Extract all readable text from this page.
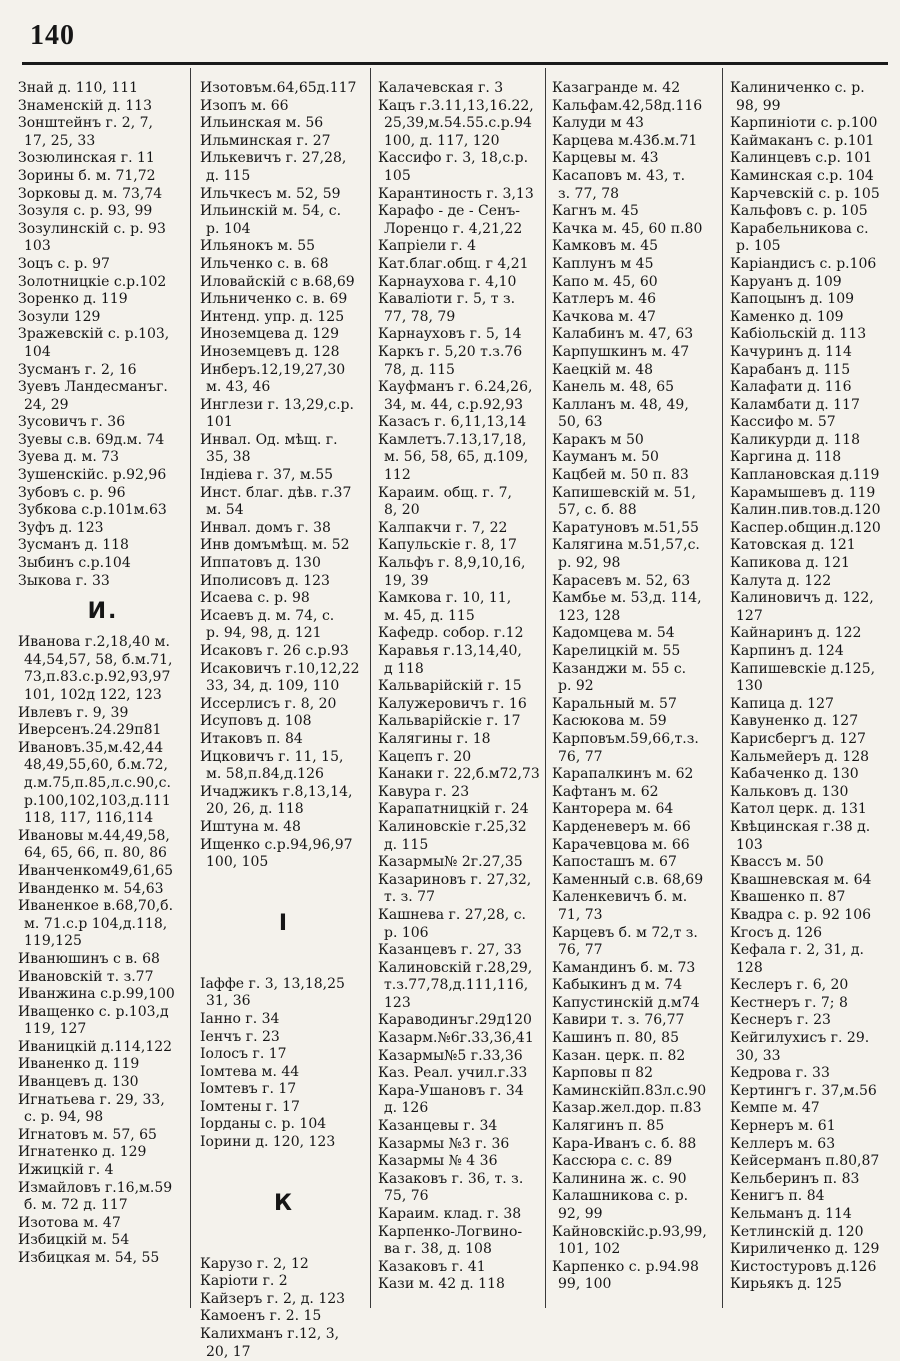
140
Знай д. 110, 111
Знаменскій д. 113
Зонштейнъ г. 2, 7,
17, 25, 33
Зозюлинская г. 11
Зорины б. м. 71,72
Зорковы д. м. 73,74
Зозуля с. р. 93, 99
Зозулинскій с. р. 93
103
Зоцъ с. р. 97
Золотницкіе с.р.102
Зоренко д. 119
Зозули 129
Зражевскій с. р.103,
104
Зусманъ г. 2, 16
Зуевъ Ландесманъг.
24, 29
Зусовичъ г. 36
Зуевы с.в. 69д.м. 74
Зуева д. м. 73
Зушенскійс. р.92,96
Зубовъ с. р. 96
Зубкова с.р.101м.63
Зуфъ д. 123
Зусманъ д. 118
Зыбинъ с.р.104
Зыкова г. 33
И.
Иванова г.2,18,40 м.
44,54,57, 58, б.м.71,
73,п.83.с.р.92,93,97
101, 102д 122, 123
Ивлевъ г. 9, 39
Иверсенъ.24.29п81
Ивановъ.35,м.42,44
48,49,55,60, б.м.72,
д.м.75,п.85,л.с.90,с.
р.100,102,103,д.111
118, 117, 116,114
Ивановы м.44,49,58,
64, 65, 66, п. 80, 86
Иванченком49,61,65
Иванденко м. 54,63
Иваненкое в.68,70,б.
м. 71.с.р 104,д.118,
119,125
Иванюшинъ с в. 68
Ивановскій т. з.77
Иванжина с.р.99,100
Иващенко с. р.103,д
119, 127
Иваницкій д.114,122
Иваненко д. 119
Иванцевъ д. 130
Игнатьева г. 29, 33,
с. р. 94, 98
Игнатовъ м. 57, 65
Игнатенко д. 129
Ижицкій г. 4
Измайловъ г.16,м.59
б. м. 72 д. 117
Изотова м. 47
Избицкій м. 54
Избицкая м. 54, 55
Изотовъм.64,65д.117
Изопъ м. 66
Ильинская м. 56
Ильминская г. 27
Илькевичъ г. 27,28,
д. 115
Ильчкесъ м. 52, 59
Ильинскій м. 54, с.
р. 104
Ильянокъ м. 55
Ильченко с. в. 68
Иловайскій с в.68,69
Ильниченко с. в. 69
Интенд. упр. д. 125
Иноземцева д. 129
Иноземцевъ д. 128
Инберъ.12,19,27,30
м. 43, 46
Инглези г. 13,29,с.р.
101
Инвал. Од. мѣщ. г.
35, 38
Індіева г. 37, м.55
Инст. благ. дѣв. г.37
м. 54
Инвал. домъ г. 38
Инв домъмѣщ. м. 52
Иппатовъ д. 130
Иполисовъ д. 123
Исаева с. р. 98
Исаевъ д. м. 74, с.
р. 94, 98, д. 121
Исаковъ г. 26 с.р.93
Исаковичъ г.10,12,22
33, 34, д. 109, 110
Иссерлисъ г. 8, 20
Исуповъ д. 108
Итаковъ п. 84
Ицковичъ г. 11, 15,
м. 58,п.84,д.126
Ичаджикъ г.8,13,14,
20, 26, д. 118
Иштуна м. 48
Ищенко с.р.94,96,97
100, 105
І
Іаффе г. 3, 13,18,25
31, 36
Іанно г. 34
Іенчъ г. 23
Іолосъ г. 17
Іомтева м. 44
Іомтевъ г. 17
Іомтены г. 17
Іорданы с. р. 104
Іорини д. 120, 123
К
Карузо г. 2, 12
Каріоти г. 2
Кайзеръ г. 2, д. 123
Камоенъ г. 2. 15
Калихманъ г.12, 3,
20, 17
Калачевская г. 3
Кацъ г.3.11,13,16.22,
25,39,м.54.55.с.р.94
100, д. 117, 120
Кассифо г. 3, 18,с.р.
105
Карантиность г. 3,13
Карафо - де - Сенъ-
Лоренцо г. 4,21,22
Капріели г. 4
Кат.благ.общ. г 4,21
Карнаухова г. 4,10
Кавалiоти г. 5, т з.
77, 78, 79
Карнауховъ г. 5, 14
Каркъ г. 5,20 т.з.76
78, д. 115
Кауфманъ г. 6.24,26,
34, м. 44, с.р.92,93
Казасъ г. 6,11,13,14
Камлетъ.7.13,17,18,
м. 56, 58, 65, д.109,
112
Караим. общ. г. 7,
8, 20
Калпакчи г. 7, 22
Капульскіе г. 8, 17
Кальфъ г. 8,9,10,16,
19, 39
Камкова г. 10, 11,
м. 45, д. 115
Кафедр. собор. г.12
Каравья г.13,14,40,
д 118
Кальварійскій г. 15
Калужеровичъ г. 16
Кальварійскіе г. 17
Калягины г. 18
Кацепъ г. 20
Канаки г. 22,б.м72,73
Кавура г. 23
Карапатницкій г. 24
Калиновскіе г.25,32
д. 115
Казармы№ 2г.27,35
Казариновъ г. 27,32,
т. з. 77
Кашнева г. 27,28, с.
р. 106
Казанцевъ г. 27, 33
Калиновскій г.28,29,
т.з.77,78,д.111,116,
123
Караводинъг.29д120
Казарм.№6г.33,36,41
Казармы№5 г.33,36
Каз. Реал. учил.г.33
Кара-Ушановъ г. 34
д. 126
Казанцевы г. 34
Казармы №3 г. 36
Казармы № 4 36
Казаковъ г. 36, т. з.
75, 76
Караим. клад. г. 38
Карпенко-Логвино-
ва г. 38, д. 108
Казаковъ г. 41
Кази м. 42 д. 118
Казагранде м. 42
Кальфам.42,58д.116
Калуди м 43
Карцева м.43б.м.71
Карцевы м. 43
Касаповъ м. 43, т.
з. 77, 78
Кагнъ м. 45
Качка м. 45, 60 п.80
Камковъ м. 45
Каплунъ м 45
Капо м. 45, 60
Катлеръ м. 46
Качкова м. 47
Калабинъ м. 47, 63
Карпушкинъ м. 47
Каецкій м. 48
Канель м. 48, 65
Калланъ м. 48, 49,
50, 63
Каракъ м 50
Кауманъ м. 50
Кацбей м. 50 п. 83
Капишевскій м. 51,
57, с. б. 88
Каратуновъ м.51,55
Калягина м.51,57,с.
р. 92, 98
Карасевъ м. 52, 63
Камбье м. 53,д. 114,
123, 128
Кадомцева м. 54
Карелицкій м. 55
Казанджи м. 55 с.
р. 92
Каральный м. 57
Касюкова м. 59
Карповъм.59,66,т.з.
76, 77
Карапалкинъ м. 62
Кафтанъ м. 62
Канторера м. 64
Карденеверъ м. 66
Карачевцова м. 66
Капосташъ м. 67
Каменный с.в. 68,69
Каленкевичъ б. м.
71, 73
Карцевъ б. м 72,т з.
76, 77
Камандинъ б. м. 73
Кабыкинъ д м. 74
Капустинскій д.м74
Кавири т. з. 76,77
Кашинъ п. 80, 85
Казан. церк. п. 82
Карповы п 82
Каминскійп.83л.с.90
Казар.жел.дор. п.83
Калягинъ п. 85
Кара-Иванъ с. б. 88
Кассюра с. с. 89
Калинина ж. с. 90
Калашникова с. р.
92, 99
Кайновскійс.р.93,99,
101, 102
Карпенко с. р.94.98
99, 100
Калиниченко с. р.
98, 99
Карпиніоти с. р.100
Каймаканъ с. р.101
Калинцевъ с.р. 101
Каминская с.р. 104
Карчевскій с. р. 105
Кальфовъ с. р. 105
Карабельникова с.
р. 105
Каріандисъ с. р.106
Каруанъ д. 109
Капоцынъ д. 109
Каменко д. 109
Кабіольскій д. 113
Качуринъ д. 114
Карабанъ д. 115
Калафати д. 116
Каламбати д. 117
Кассифо м. 57
Каликурди д. 118
Каргина д. 118
Каплановская д.119
Карамышевъ д. 119
Калин.пив.тов.д.120
Каспер.общин.д.120
Катовская д. 121
Капикова д. 121
Калута д. 122
Калиновичъ д. 122,
127
Кайнаринъ д. 122
Карпинъ д. 124
Капишевскіе д.125,
130
Капица д. 127
Кавуненко д. 127
Карисбергъ д. 127
Кальмейеръ д. 128
Кабаченко д. 130
Кальковъ д. 130
Катол церк. д. 131
Квѣцинская г.38 д.
103
Квассъ м. 50
Квашневская м. 64
Квашенко п. 87
Квадра с. р. 92 106
Кгосъ д. 126
Кефала г. 2, 31, д.
128
Кеслеръ г. 6, 20
Кестнеръ г. 7; 8
Кеснеръ г. 23
Кейгилухисъ г. 29.
30, 33
Кедрова г. 33
Кертингъ г. 37,м.56
Кемпе м. 47
Кернеръ м. 61
Келлеръ м. 63
Кейсерманъ п.80,87
Кельберинъ п. 83
Кенигъ п. 84
Кельманъ д. 114
Кетлинскій д. 120
Кириличенко д. 129
Кистостуровъ д.126
Кирьякъ д. 125
